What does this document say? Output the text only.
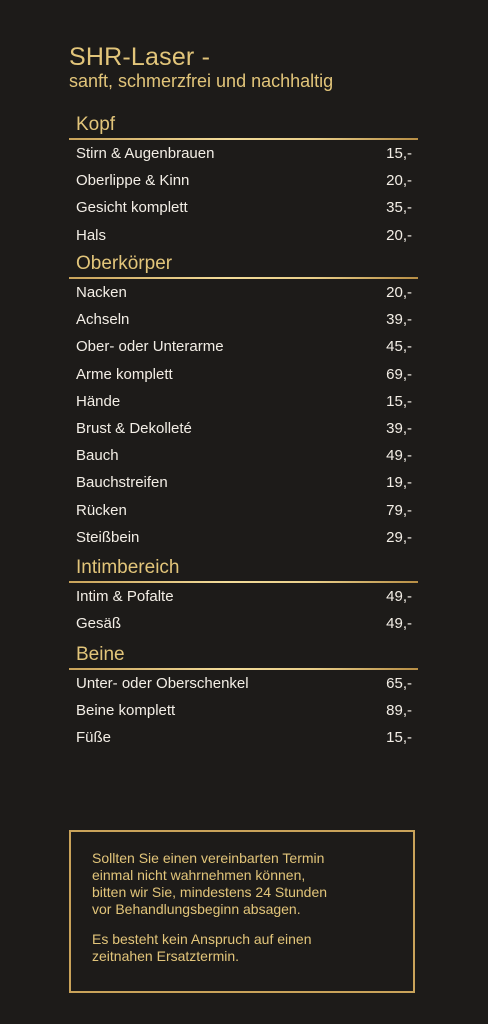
SHR-Laser -
sanft, schmerzfrei und nachhaltig
Kopf
Stirn & Augenbrauen	15,-
Oberlippe & Kinn	20,-
Gesicht komplett	35,-
Hals	20,-
Oberkörper
Nacken	20,-
Achseln	39,-
Ober- oder Unterarme	45,-
Arme komplett	69,-
Hände	15,-
Brust & Dekolleté	39,-
Bauch	49,-
Bauchstreifen	19,-
Rücken	79,-
Steißbein	29,-
Intimbereich
Intim & Pofalte	49,-
Gesäß	49,-
Beine
Unter- oder Oberschenkel	65,-
Beine komplett	89,-
Füße	15,-
Sollten Sie einen vereinbarten Termin
einmal nicht wahrnehmen können,
bitten wir Sie, mindestens 24 Stunden
vor Behandlungsbeginn absagen.
Es besteht kein Anspruch auf einen
zeitnahen Ersatztermin.
